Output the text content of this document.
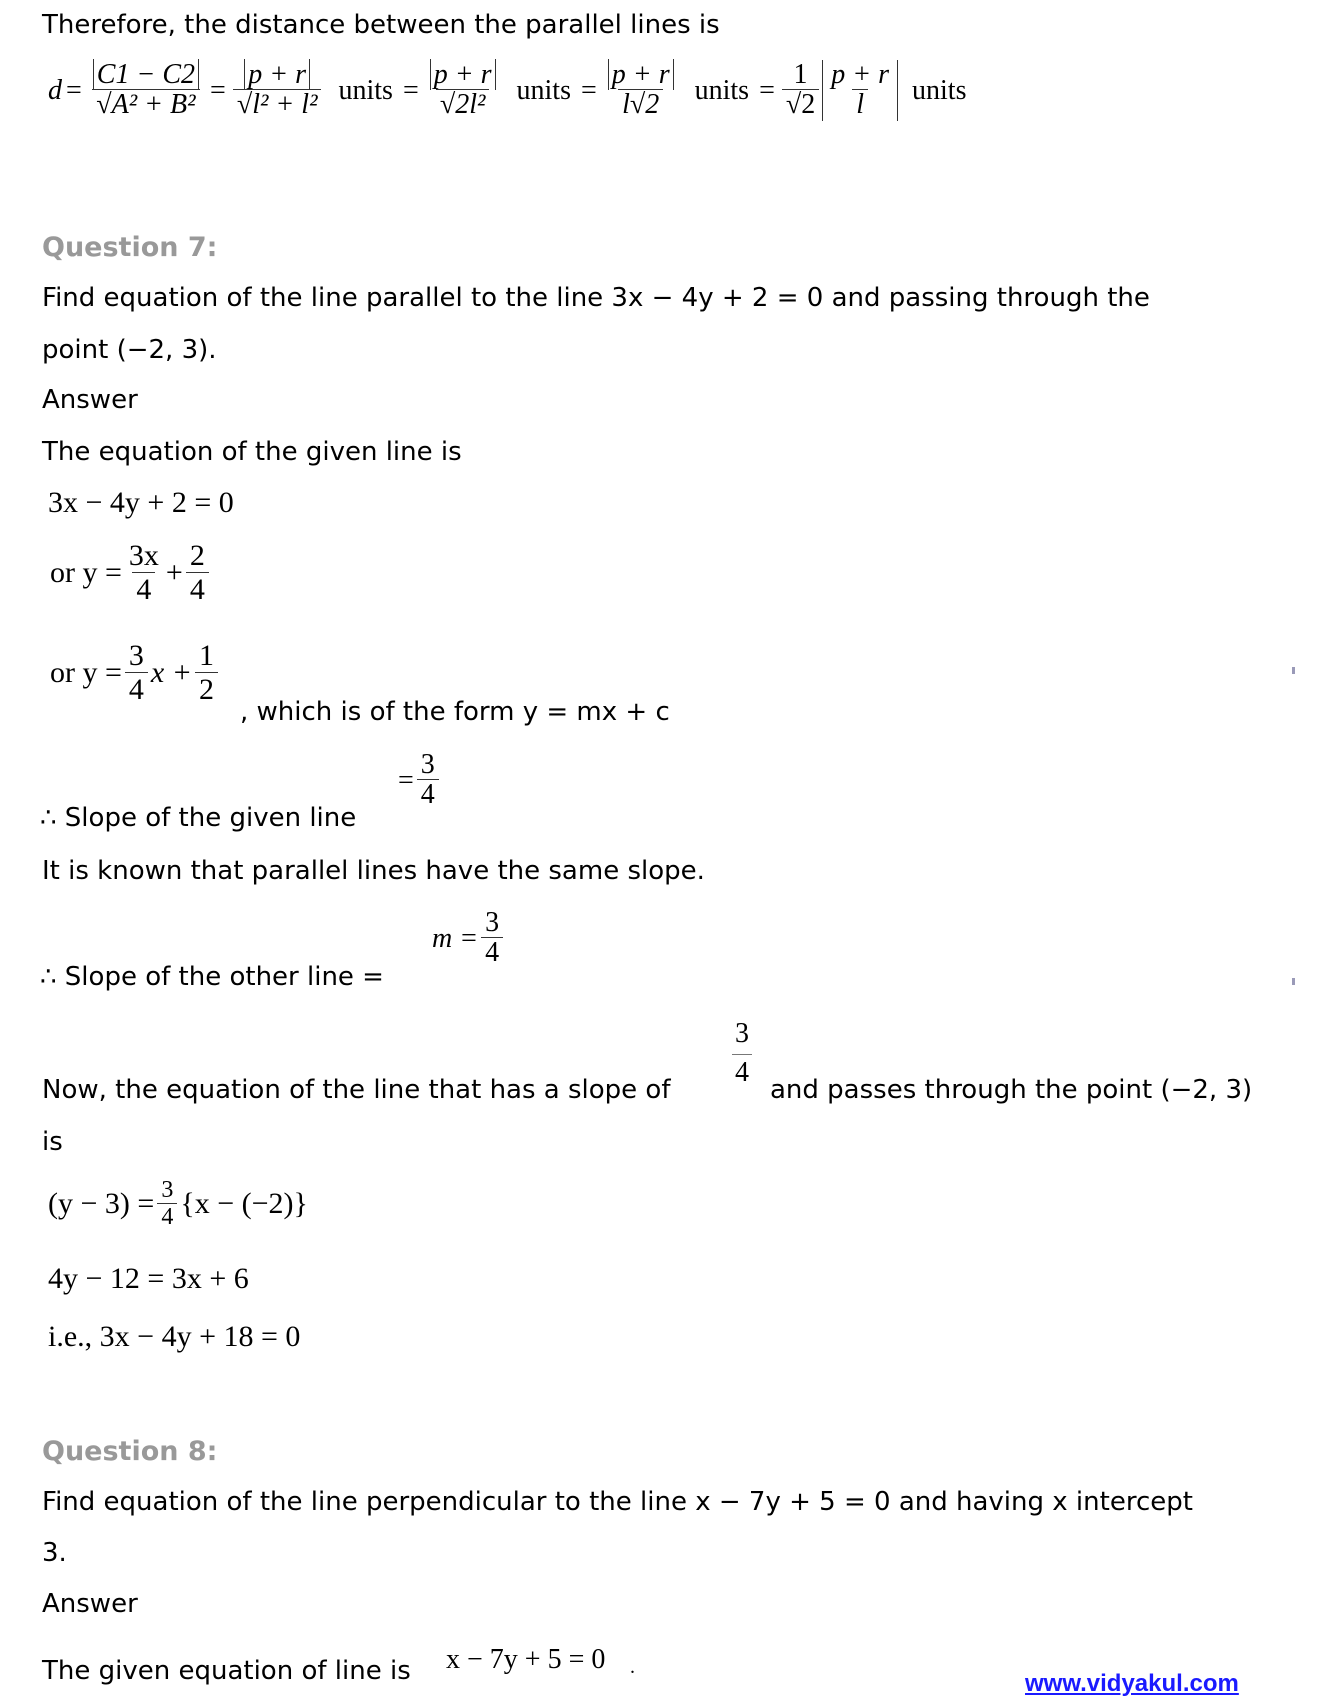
Therefore, the distance between the parallel lines is
$d = \frac{C1 - C2}{\text{√A² + B²}} = \frac{p + r}{\text{√l² + l²}}$ units = $\frac{p + r}{\text{√2l²}}$ units = $\frac{p + r}{l√2}$ units = $\frac{1}{√2} \frac{p + r}{l}$ units
Question 7:
Find equation of the line parallel to the line 3x − 4y + 2 = 0 and passing through the
point (−2, 3).
Answer
The equation of the given line is
3x − 4y + 2 = 0
or $y = \frac{3x}{4} + \frac{2}{4}$
or $y = \frac{3}{4}$ $x + \frac{1}{2}$
, which is of the form y = mx + c
∴ Slope of the given line
= $\frac{3}{4}$
It is known that parallel lines have the same slope.
∴ Slope of the other line =
$m = \frac{3}{4}$
Now, the equation of the line that has a slope of
3
4
and passes through the point (−2, 3)
is
$(y - 3) = \frac{3}{4} \{x - (-2)\}$
4y − 12 = 3x + 6
i.e., 3x − 4y + 18 = 0
Question 8:
Find equation of the line perpendicular to the line x − 7y + 5 = 0 and having x intercept
3.
Answer
The given equation of line is x − 7y + 5 = 0 .
www.vidyakul.com
